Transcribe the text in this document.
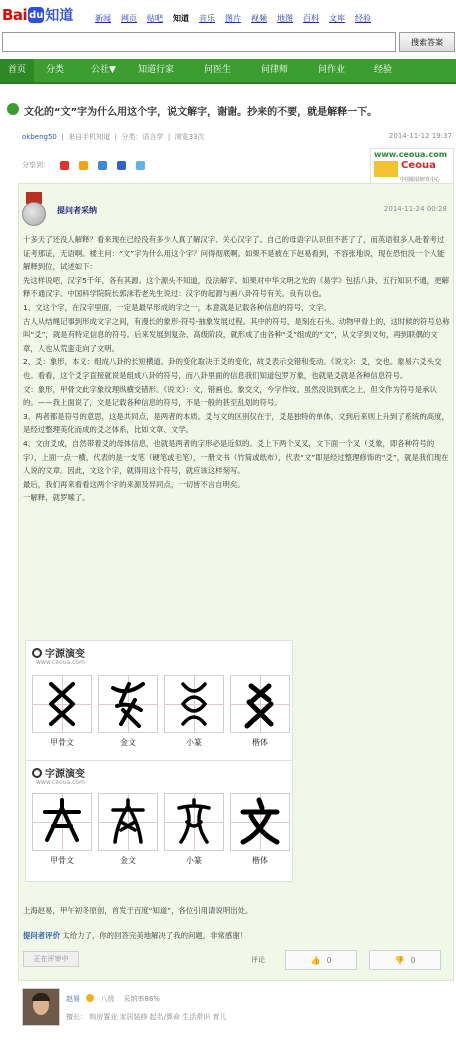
Bai du 知道	新闻 网页 贴吧 知道 音乐 图片 视频 地图 百科 文库 经验
搜索答案
首页	分类	公社▼ 知道行家	问医生	问律师	问作业	经验
文化的“文”字为什么用这个字，说文解字，谢谢。抄来的不要，就是解释一下。
okbeng50  |  来自手机知道  |  分类：语言学  |  浏览33次	2014-11-12 19:37
分享到：
www.ceoua.com
Ceoua
中国服装研发中心
提问者采纳	2014-11-24 00:28

十多天了还没人解释？看来现在已经没有多少人真了解汉字、关心汉字了。自己的母语字认识但不甚了了，而英语很多人赴着考过证考那证，无语啊。楼主问：“文”字为什么用这个字？问得彻底啊。如果不是被在下赵易看到，不容张地说，现在恐怕没一个人能解释到位，试述如下：

先这样说吧，汉字5千年，各有其源。这个源头不知道，没法解字。如果对中华文明之光的《易学》包括八卦、五行知识不通，更解释不通汉字。中国科学院院长郭沫若老先生说过：汉字的起源与画八卦符号有关。良有以也。

1、文这个字，在汉字里面，一定是最早形成的字之一，本意就是记载各种信息的符号，文字。

古人从结绳记事到形成文字之间，有漫长的象形-符号-抽象发展过程。其中的符号，是刻在石头、动物甲骨上的，这时候的符号总称叫“爻”，就是有特定信息的符号。后来发展到复杂、高级阶段，就形成了由各种“爻”组成的“文”，从文字到文句，再到联偶的文章，人也从荒蛮走向了文明。

2、爻：象形，本义：组成八卦的长短横道。卦的变化取决于爻的变化，故爻表示交错和变动。《说文》：爻，交也。象易六爻头交也。看看，这个爻字直接就说是组成八卦的符号，而八卦里面的信息我们知道包罗万象，也就是爻就是各种信息符号。

文：象形，甲骨文此字象纹理纵横交错形。《说文》：文，错画也。象交文，今字作纹。虽然没说到底之上，但文作为符号是承认的。——我上面说了，文是记载各种信息的符号，不是一般的甚至乱划的符号。

3、两者都是符号的意思，这是共同点，是两者的本质。爻与文的区别仅在于，爻是独特的单体，文到后来则上升到了系统的高度，是经过整理美化而成的爻之体系，比如文章、文学。

4、文由爻成，自然带着爻的母体信息，也就是两者的字形必是近似的。爻上下两个叉叉，文下面一个叉（爻象，即各种符号的字），上面一点一横，代表的是一支笔（硬笔或毛笔），一册文书（竹简或纸布），代表“文”即是经过整理修饰的“爻”，就是我们现在人说的文章。因此，文这个字，就得用这个符号，就应该这样刻写。

最后，我们再来看看这两个字的来源及异同点，一切皆不言自明矣。

一解释，就罗嗦了。

字源演变
www.ceoua.com
甲骨文	金文	小篆	楷体
字源演变
www.ceoua.com
甲骨文	金文	小篆	楷体
上海赵易，甲午初冬原创，首发于百度“知道”，各位引用请说明出处。
提问者评价 太给力了，你的回答完美地解决了我的问题，非常感谢！
正在评审中	评论	👍 0	👎 0
赵易	八级 采纳率86%
擅长： 购房置业 家居装修 起名/算命 生活常识 育儿
